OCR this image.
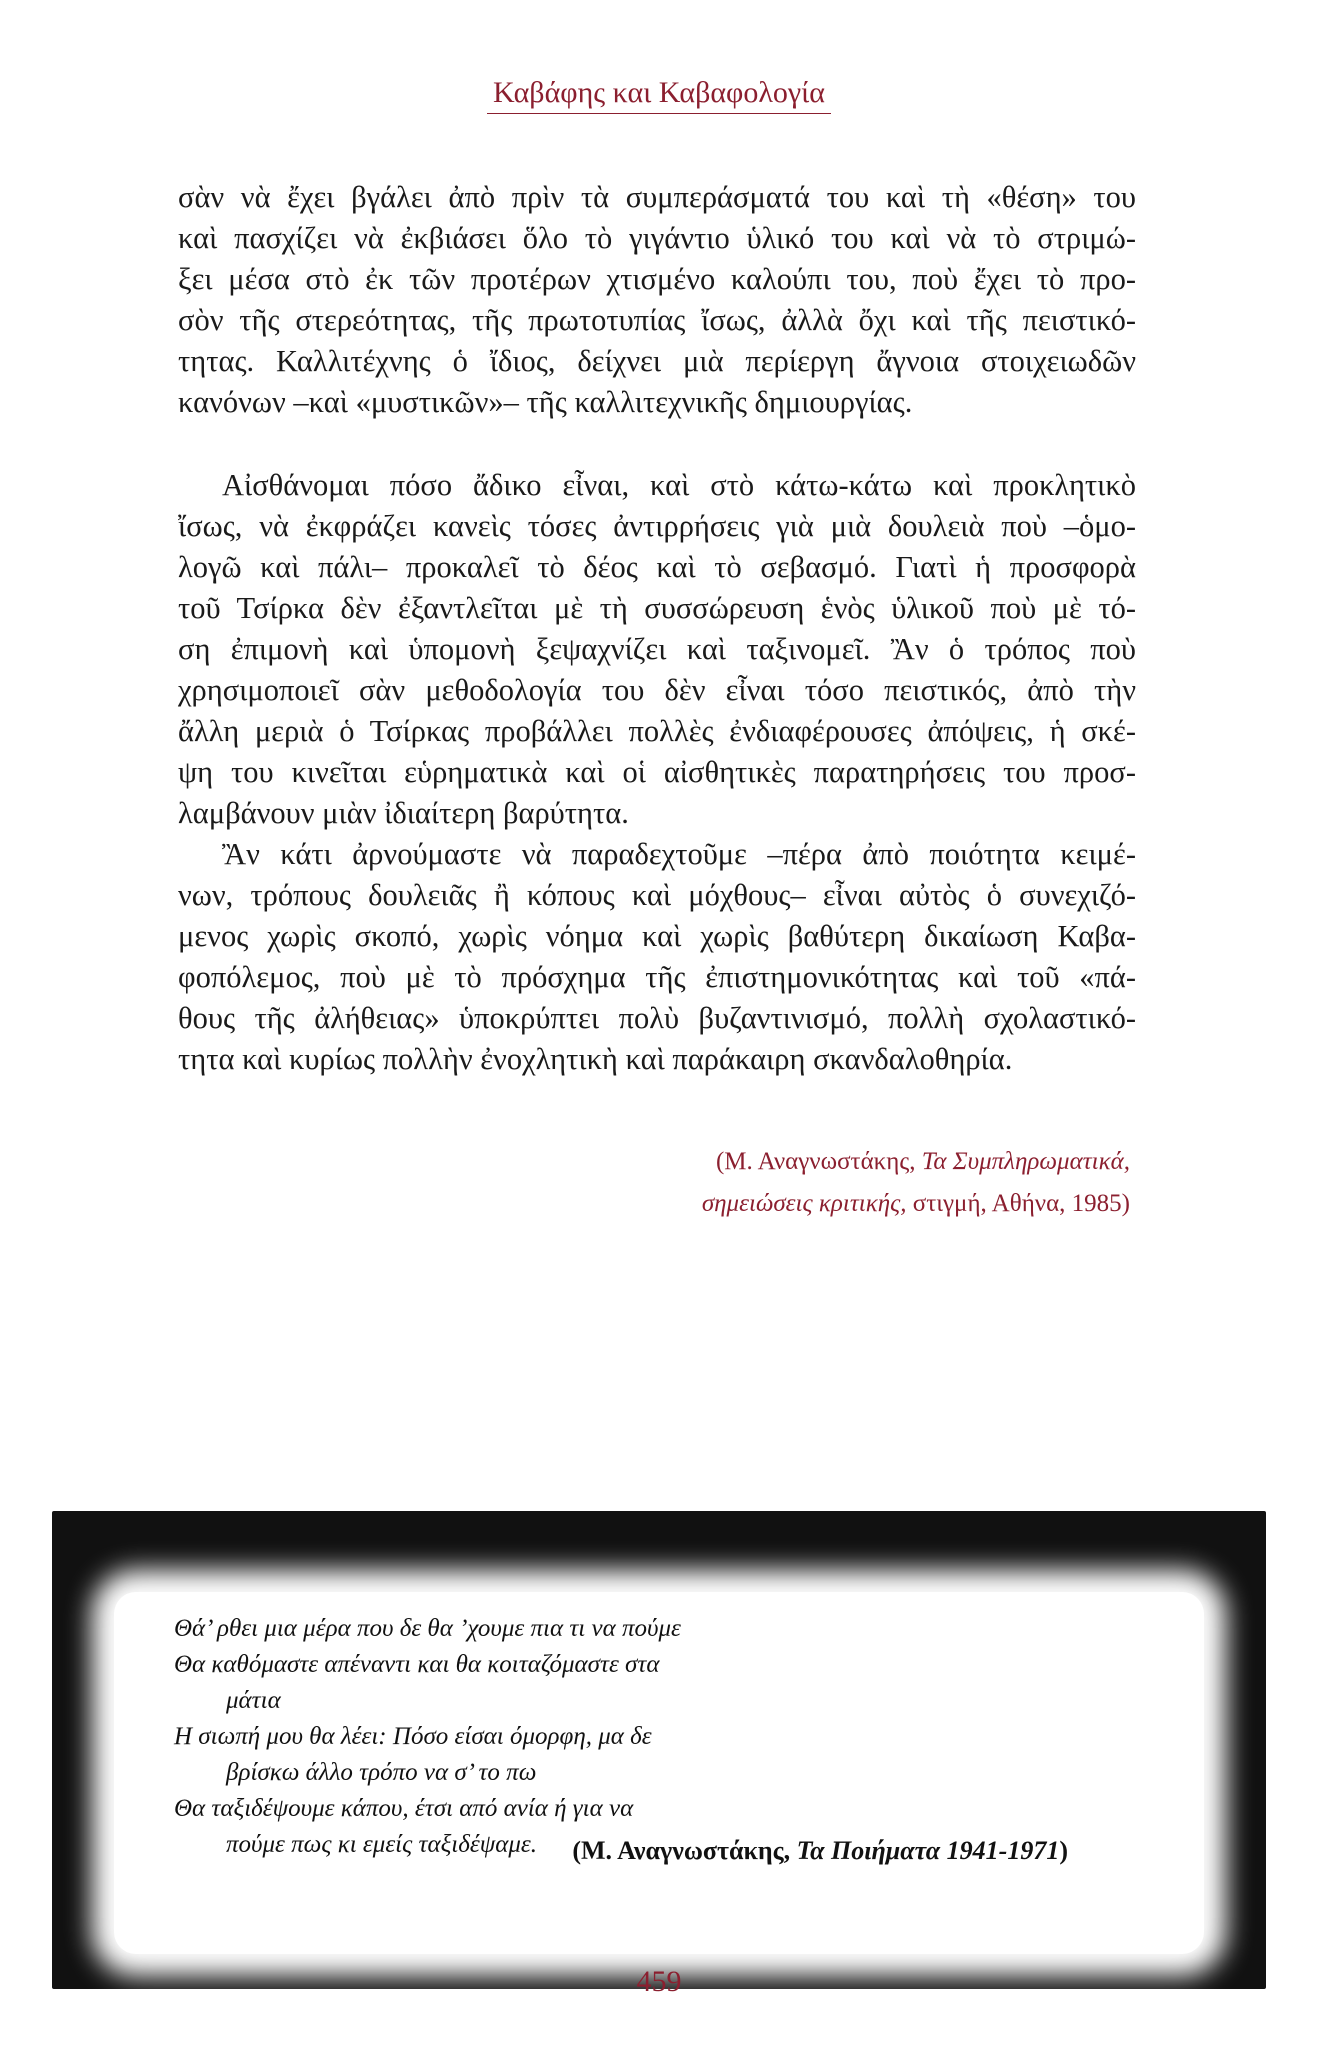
Καβάφης και Καβαφολογία
σὰν νὰ ἔχει βγάλει ἀπὸ πρὶν τὰ συμπεράσματά του καὶ τὴ «θέση» του
καὶ πασχίζει νὰ ἐκβιάσει ὅλο τὸ γιγάντιο ὑλικό του καὶ νὰ τὸ στριμώ-
ξει μέσα στὸ ἐκ τῶν προτέρων χτισμένο καλούπι του, ποὺ ἔχει τὸ προ-
σὸν τῆς στερεότητας, τῆς πρωτοτυπίας ἴσως, ἀλλὰ ὄχι καὶ τῆς πειστικό-
τητας. Καλλιτέχνης ὁ ἴδιος, δείχνει μιὰ περίεργη ἄγνοια στοιχειωδῶν
κανόνων –καὶ «μυστικῶν»– τῆς καλλιτεχνικῆς δημιουργίας.
Αἰσθάνομαι πόσο ἄδικο εἶναι, καὶ στὸ κάτω-κάτω καὶ προκλητικὸ
ἴσως, νὰ ἐκφράζει κανεὶς τόσες ἀντιρρήσεις γιὰ μιὰ δουλειὰ ποὺ –ὁμο-
λογῶ καὶ πάλι– προκαλεῖ τὸ δέος καὶ τὸ σεβασμό. Γιατὶ ἡ προσφορὰ
τοῦ Τσίρκα δὲν ἐξαντλεῖται μὲ τὴ συσσώρευση ἑνὸς ὑλικοῦ ποὺ μὲ τό-
ση ἐπιμονὴ καὶ ὑπομονὴ ξεψαχνίζει καὶ ταξινομεῖ. Ἂν ὁ τρόπος ποὺ
χρησιμοποιεῖ σὰν μεθοδολογία του δὲν εἶναι τόσο πειστικός, ἀπὸ τὴν
ἄλλη μεριὰ ὁ Τσίρκας προβάλλει πολλὲς ἐνδιαφέρουσες ἀπόψεις, ἡ σκέ-
ψη του κινεῖται εὑρηματικὰ καὶ οἱ αἰσθητικὲς παρατηρήσεις του προσ-
λαμβάνουν μιὰν ἰδιαίτερη βαρύτητα.
Ἂν κάτι ἀρνούμαστε νὰ παραδεχτοῦμε –πέρα ἀπὸ ποιότητα κειμέ-
νων, τρόπους δουλειᾶς ἢ κόπους καὶ μόχθους– εἶναι αὐτὸς ὁ συνεχιζό-
μενος χωρὶς σκοπό, χωρὶς νόημα καὶ χωρὶς βαθύτερη δικαίωση Καβα-
φοπόλεμος, ποὺ μὲ τὸ πρόσχημα τῆς ἐπιστημονικότητας καὶ τοῦ «πά-
θους τῆς ἀλήθειας» ὑποκρύπτει πολὺ βυζαντινισμό, πολλὴ σχολαστικό-
τητα καὶ κυρίως πολλὴν ἐνοχλητικὴ καὶ παράκαιρη σκανδαλοθηρία.
(Μ. Αναγνωστάκης, Τα Συμπληρωματικά,
σημειώσεις κριτικής, στιγμή, Αθήνα, 1985)
Θά’ ρθει μια μέρα που δε θα ’χουμε πια τι να πούμε
Θα καθόμαστε απέναντι και θα κοιταζόμαστε στα
μάτια
Η σιωπή μου θα λέει: Πόσο είσαι όμορφη, μα δε
βρίσκω άλλο τρόπο να σ’ το πω
Θα ταξιδέψουμε κάπου, έτσι από ανία ή για να
πούμε πως κι εμείς ταξιδέψαμε.	(Μ. Αναγνωστάκης, Τα Ποιήματα 1941-1971)
459
